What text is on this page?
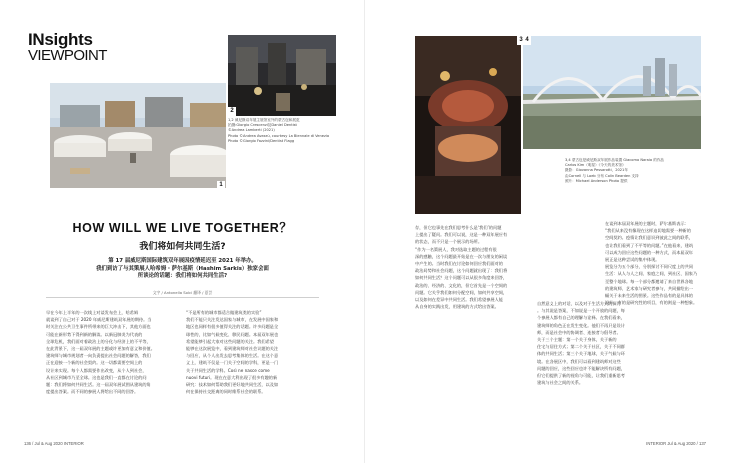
INsights
VIEWPOINT
1
2
1,2 威尼斯双年展主展馆室外的蒙古包和展览
拍摄:Giorgio Crescenzi及Daniel Dentist
©Andrea Lamberti (2021)
Photo ©Andrea Avezzù, courtesy La Biennale di Venezia
Photo ©Giorgio Fazzini/Dentist Flagg
HOW WILL WE LIVE TOGETHER？
我们将如何共同生活?
第 17 届威尼斯国际建筑双年展因疫情延迟至 2021 年举办。
我们到访了与其策展人哈希姆・萨尔基斯（Hashim Sarkis）独家会面
所谈论的话题：我们将如何共同生活?
文字 / Antonella Solci 翻译 / 夏芸
早在今年上半年的一次线上对谈发布会上，哈希姆
就谈到了自己对于 2020 年威尼斯建筑双年展的期待。当
时关注在公共卫生事件所带来的巨大冲击下，其他方面也
可能在新形势下得到新的解读。以新冠肺炎为代表的
全球危机，我们面对着政治上的分化与经济上的不平等，
在此背景下，这一届双年展的主题或许更加有意义和价值。
建筑师与城市规划者一向负责提出社会问题的解答，我们
正在迎接一个新的社会契约。这一切都需要空间上的
设计来实现。每个人都需要作出改变，从个人到社会，
从社区到城市乃至全球。这也是我们一直都在讨论的问
题：我们将如何共同生活。这一届双年展试图从建筑的角
度提出答案。而不同的参展人将给出不同的回答。
“不是所有的城市都适合做建筑类的实验”
我们不能只关注发达国家与城市，在发展中国家和
地区也同样有很多值得关注的话题。许多问题是全
球性的，比如气候变化、移民问题。本届双年展也
希望能够引起大家对这些问题的关注。我们希望
能够在这次展览中，看到建筑师对社会议题的关注
与回应，从个人出发去思考集体的生活。在这个意
义上，建筑不仅是一门关于空间的学科，更是一门
关于共同生活的学科。Così ne nasce come
nuovi futuri。现在在意大利出现了很多有趣的新
研究：技术如何帮助我们更好地共同生活，以及如
何在保持社交距离的同时维系社会的联系。
136 / Jul & Aug 2020 INTERIOR
3 4
3,4 蒙古包是威尼斯双年展作品装置 Giacomo Naraia 的作品
Carlos Kim（明星）《今天的美术馆》
摄影：Giovanna Pessarotti，2021年
由Cornell 与 Loeb 分布 Colin Bearden 支持
照片：Michael Anderson Photo 提供
存，但它也事先在我们思考什么是‘我们’的问题
上提出了疑问。我们可以说，这是一种双年展应有
的状态，而不只是一个展示的场所。
“作为一名策展人，我对选取主题的过程有很
深的感触，这个问题最开始是在一次与朋友的闲谈
中产生的。当时我们在讨论如何回应我们面对的
政治局势和社会问题，这个问题就出现了：我们将
如何共同生活？这个问题可以从很多角度来回答，
政治的、经济的、文化的，但它首先是一个空间的
问题。它关乎我们如何分配空间，如何共享空间，
以及如何在差异中共同生活。我们希望参展人能
从自身的实践出发，用建筑的方式给出答案。
自然意义上的对话，以及对于生活方式的探讨
。与其说是答案，不如说是一个开放的问题，每
个参展人都有自己的理解与诠释。在我们看来，
建筑师的角色正在发生变化。他们不再只是设计
师，而是社会中的协调者、连接者与倡导者。
关于三个主题：第一个关于身体，关于新的
住宅与居住方式；第二个关于社区，关于不同群
体的共同生活；第三个关于地球，关于气候与环
境。在各展区中，我们可以看到建筑师对这些
问题的回应，这些回应也许不能解决所有问题，
但它们提供了新的视角与可能，让我们重新思考
建筑与社会之间的关系。
在谈到本届双年展的主题时，萨尔基斯表示：
“我们从来没有像现在这样迫切地需要一种新的
空间契约。疫情让我们意识到彼此之间的联系，
也让我们看到了不平等的问题。”在他看来，建筑
可以成为回应这些问题的一种方式，而本届双年
展正是这种尝试的集中体现。
展览分为五个部分，分别探讨不同尺度上的共同
生活：从人与人之间、家庭之间，到社区、国家乃
至整个地球。每一个部分都邀请了来自世界各地
的建筑师、艺术家与研究者参与，共同描绘出一
幅关于未来生活的图景。这些作品有的是具体的
设计，有的是研究性的项目，有的则是一种想象。
INTERIOR Jul & Aug 2020 / 137
